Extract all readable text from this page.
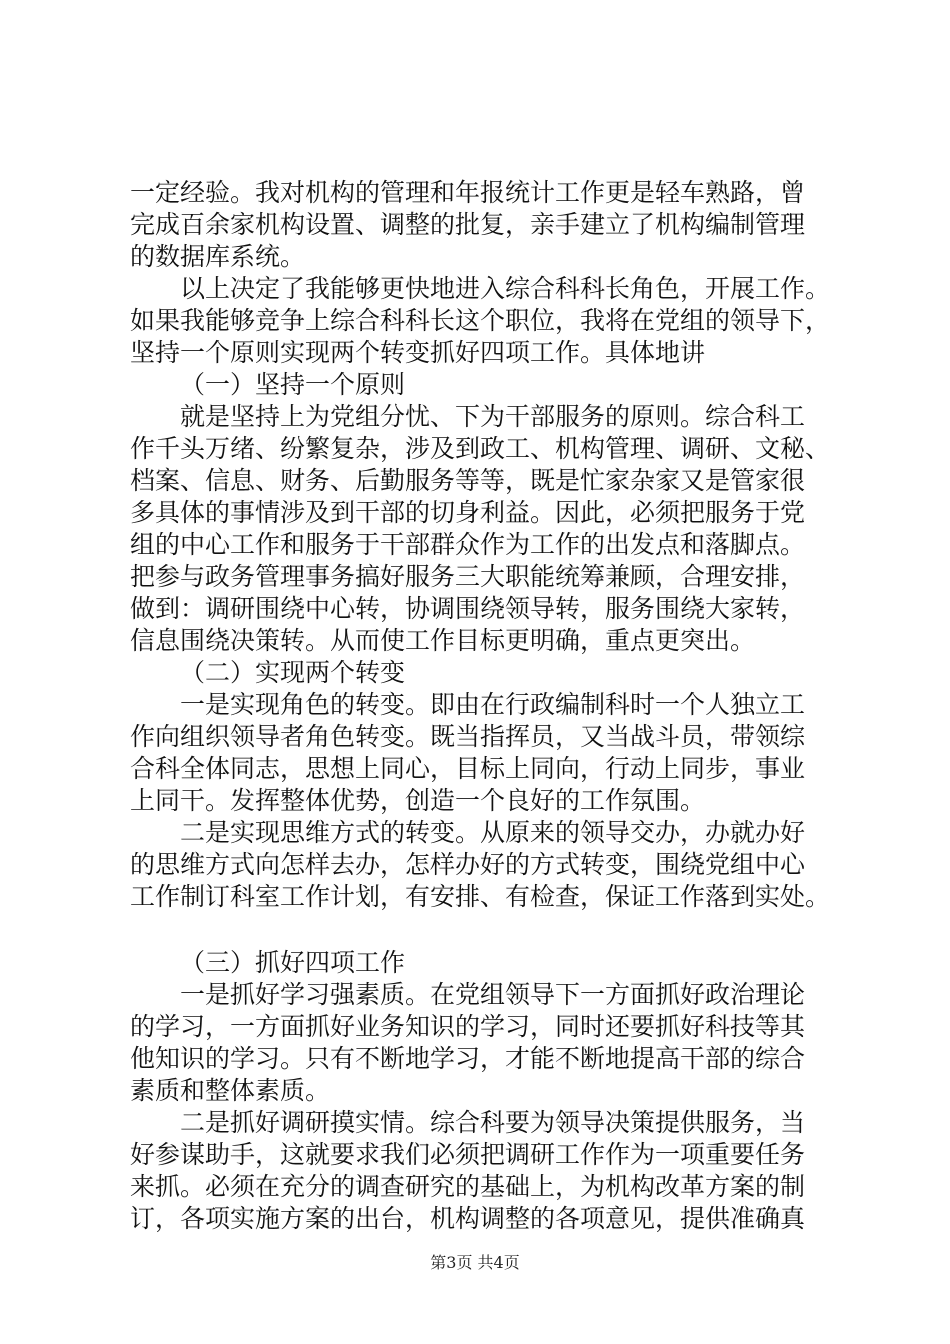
一定经验。我对机构的管理和年报统计工作更是轻车熟路，曾
完成百余家机构设置、调整的批复，亲手建立了机构编制管理
的数据库系统。
以上决定了我能够更快地进入综合科科长角色，开展工作。
如果我能够竞争上综合科科长这个职位，我将在党组的领导下，
坚持一个原则实现两个转变抓好四项工作。具体地讲
（一）坚持一个原则
就是坚持上为党组分忧、下为干部服务的原则。综合科工
作千头万绪、纷繁复杂，涉及到政工、机构管理、调研、文秘、
档案、信息、财务、后勤服务等等，既是忙家杂家又是管家很
多具体的事情涉及到干部的切身利益。因此，必须把服务于党
组的中心工作和服务于干部群众作为工作的出发点和落脚点。
把参与政务管理事务搞好服务三大职能统筹兼顾，合理安排，
做到：调研围绕中心转，协调围绕领导转，服务围绕大家转，
信息围绕决策转。从而使工作目标更明确，重点更突出。
（二）实现两个转变
一是实现角色的转变。即由在行政编制科时一个人独立工
作向组织领导者角色转变。既当指挥员，又当战斗员，带领综
合科全体同志，思想上同心，目标上同向，行动上同步，事业
上同干。发挥整体优势，创造一个良好的工作氛围。
二是实现思维方式的转变。从原来的领导交办，办就办好
的思维方式向怎样去办，怎样办好的方式转变，围绕党组中心
工作制订科室工作计划，有安排、有检查，保证工作落到实处。
（三）抓好四项工作
一是抓好学习强素质。在党组领导下一方面抓好政治理论
的学习，一方面抓好业务知识的学习，同时还要抓好科技等其
他知识的学习。只有不断地学习，才能不断地提高干部的综合
素质和整体素质。
二是抓好调研摸实情。综合科要为领导决策提供服务，当
好参谋助手，这就要求我们必须把调研工作作为一项重要任务
来抓。必须在充分的调查研究的基础上，为机构改革方案的制
订，各项实施方案的出台，机构调整的各项意见，提供准确真
第3页 共4页
